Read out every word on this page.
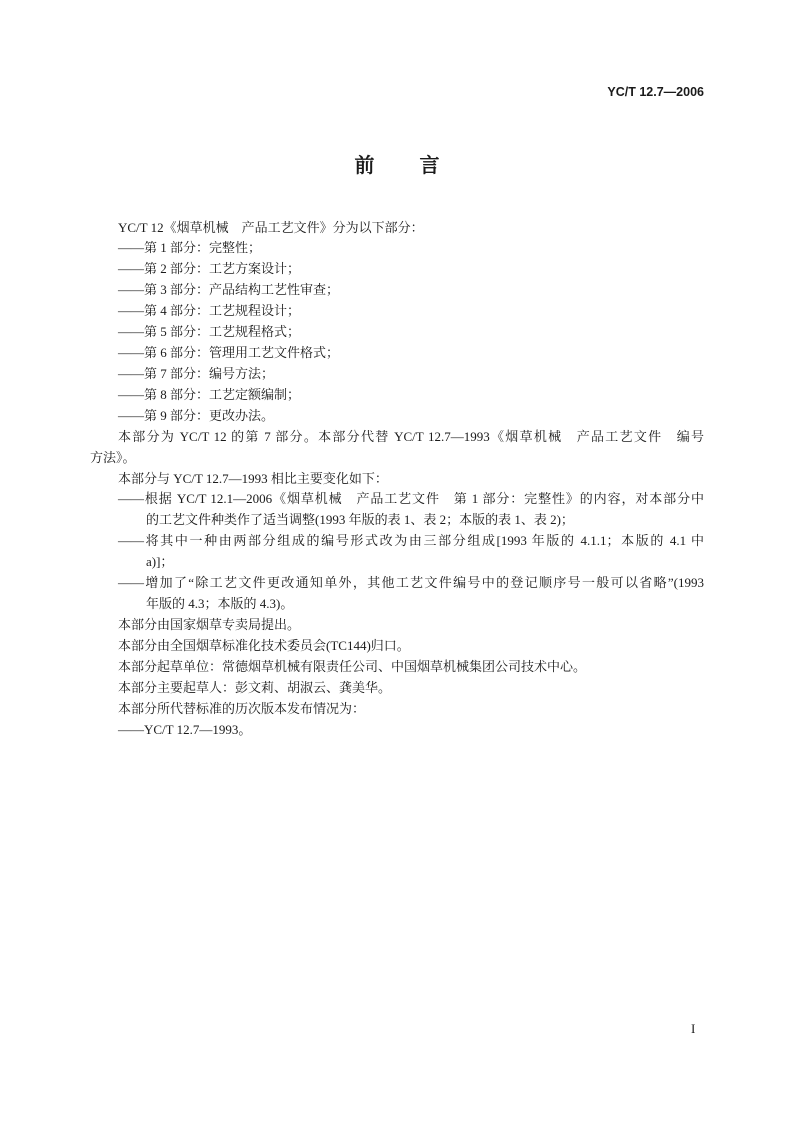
YC/T 12.7—2006
前 言
YC/T 12《烟草机械　产品工艺文件》分为以下部分：
——第 1 部分：完整性；
——第 2 部分：工艺方案设计；
——第 3 部分：产品结构工艺性审查；
——第 4 部分：工艺规程设计；
——第 5 部分：工艺规程格式；
——第 6 部分：管理用工艺文件格式；
——第 7 部分：编号方法；
——第 8 部分：工艺定额编制；
——第 9 部分：更改办法。
本部分为 YC/T 12 的第 7 部分。本部分代替 YC/T 12.7—1993《烟草机械　产品工艺文件　编号
方法》。
本部分与 YC/T 12.7—1993 相比主要变化如下：
——根据 YC/T 12.1—2006《烟草机械　产品工艺文件　第 1 部分：完整性》的内容，对本部分中
的工艺文件种类作了适当调整(1993 年版的表 1、表 2；本版的表 1、表 2)；
——将其中一种由两部分组成的编号形式改为由三部分组成[1993 年版的 4.1.1；本版的 4.1 中
a)]；
——增加了“除工艺文件更改通知单外，其他工艺文件编号中的登记顺序号一般可以省略”(1993
年版的 4.3；本版的 4.3)。
本部分由国家烟草专卖局提出。
本部分由全国烟草标准化技术委员会(TC144)归口。
本部分起草单位：常德烟草机械有限责任公司、中国烟草机械集团公司技术中心。
本部分主要起草人：彭文莉、胡淑云、龚美华。
本部分所代替标准的历次版本发布情况为：
——YC/T 12.7—1993。
I
